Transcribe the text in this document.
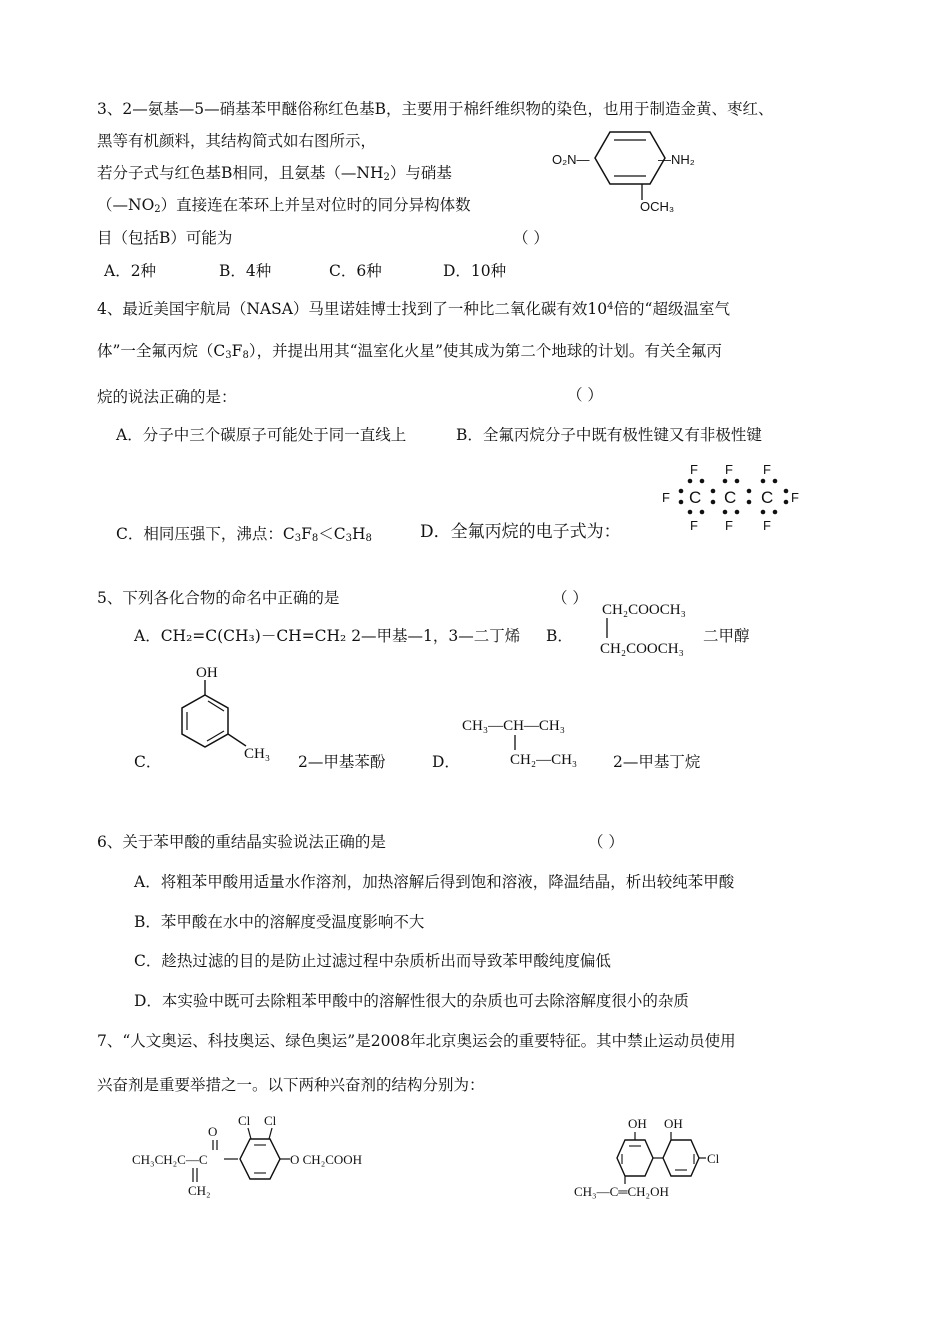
3、2—氨基—5—硝基苯甲醚俗称红色基B，主要用于棉纤维织物的染色，也用于制造金黄、枣红、
黑等有机颜料，其结构简式如右图所示，
若分子式与红色基B相同，且氨基$(—NH_2)$与硝基
$(—NO_2)$直接连在苯环上并呈对位时的同分异构体数
目（包括B）可能为	（ ）
A．2种	B．4种	C．6种	D．10种
O₂N—	—NH₂
OCH₃
4、最近美国宇航局（NASA）马里诺娃博士找到了一种比二氧化碳有效$10^4$倍的“超级温室气
体”一全氟丙烷$(C_3F_8)$，并提出用其“温室化火星”使其成为第二个地球的计划。有关全氟丙
烷的说法正确的是：	（ ）
A．分子中三个碳原子可能处于同一直线上	B．全氟丙烷分子中既有极性键又有非极性键
C．相同压强下，沸点：$C_3F_8<C_3H_8$	D．全氟丙烷的电子式为：
F F F
F C C C F
F F F
5、下列各化合物的命名中正确的是	（ ）
A．CH₂=C(CH₃)－CH=CH₂ 2—甲基—1，3—二丁烯 B．
CH₂COOCH₃
CH₂COOCH₃
二甲醇
C．
OH
CH₃ 2—甲基苯酚	D．
CH₃—CH—CH₃
CH₂—CH₃ 2—甲基丁烷
6、关于苯甲酸的重结晶实验说法正确的是	（ ）
A．将粗苯甲酸用适量水作溶剂，加热溶解后得到饱和溶液，降温结晶，析出较纯苯甲酸
B．苯甲酸在水中的溶解度受温度影响不大
C．趁热过滤的目的是防止过滤过程中杂质析出而导致苯甲酸纯度偏低
D．本实验中既可去除粗苯甲酸中的溶解性很大的杂质也可去除溶解度很小的杂质
7、“人文奥运、科技奥运、绿色奥运”是2008年北京奥运会的重要特征。其中禁止运动员使用
兴奋剂是重要举措之一。以下两种兴奋剂的结构分别为：
CH₃CH₂C—C
O
CH₂
Cl Cl
O CH₂COOH
OH OH
Cl
CH₃—C═CH₂OH
